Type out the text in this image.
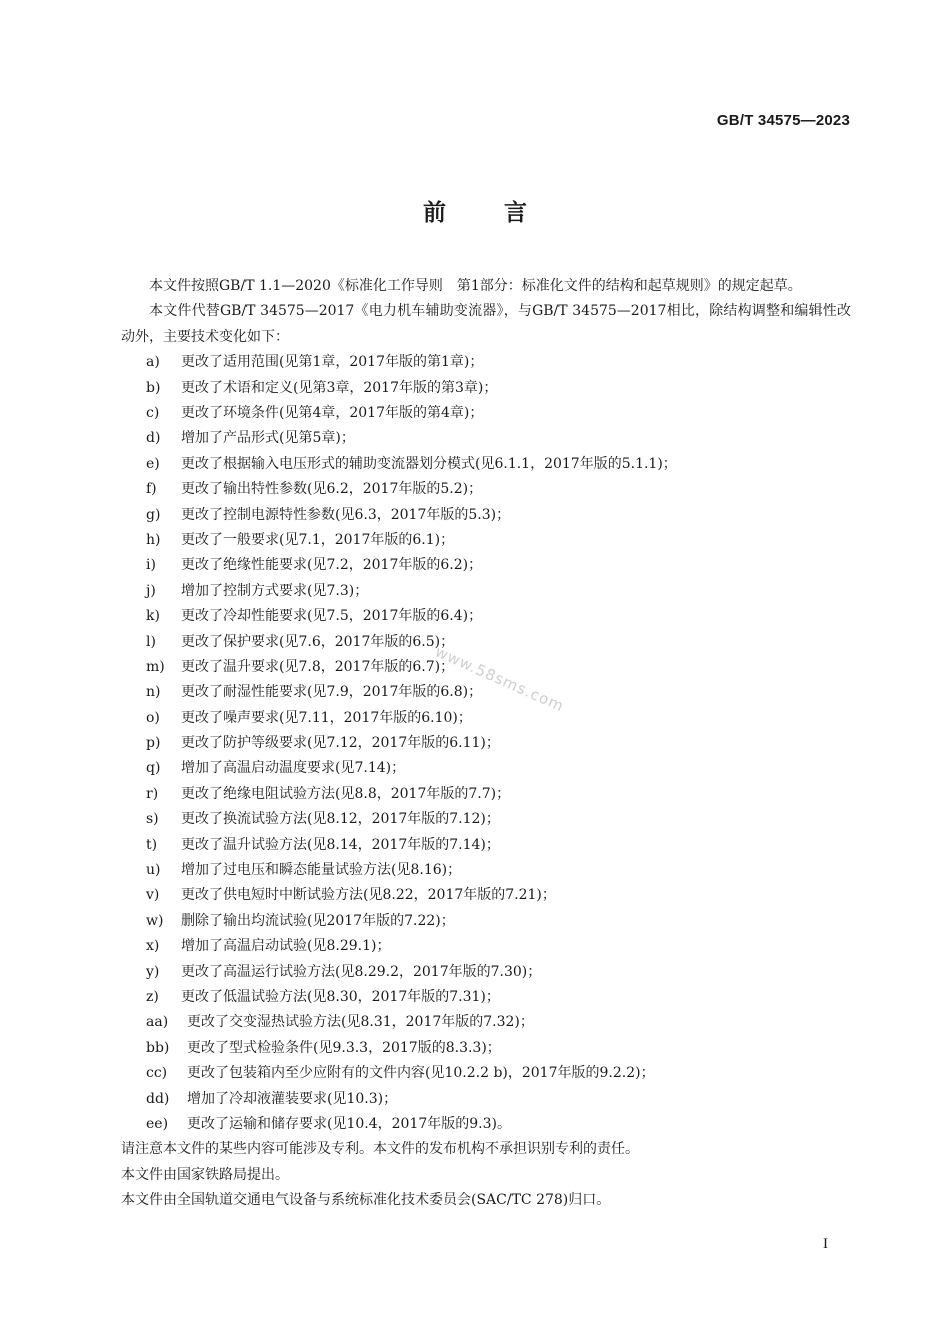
GB/T 34575—2023
前言

本文件按照GB/T 1.1—2020《标准化工作导则　第1部分：标准化文件的结构和起草规则》的规定起草。

本文件代替GB/T 34575—2017《电力机车辅助变流器》，与GB/T 34575—2017相比，除结构调整和编辑性改动外，主要技术变化如下：

a) 更改了适用范围(见第1章，2017年版的第1章)；
b) 更改了术语和定义(见第3章，2017年版的第3章)；
c) 更改了环境条件(见第4章，2017年版的第4章)；
d) 增加了产品形式(见第5章)；
e) 更改了根据输入电压形式的辅助变流器划分模式(见6.1.1，2017年版的5.1.1)；
f) 更改了输出特性参数(见6.2，2017年版的5.2)；
g) 更改了控制电源特性参数(见6.3，2017年版的5.3)；
h) 更改了一般要求(见7.1，2017年版的6.1)；
i) 更改了绝缘性能要求(见7.2，2017年版的6.2)；
j) 增加了控制方式要求(见7.3)；
k) 更改了冷却性能要求(见7.5，2017年版的6.4)；
l) 更改了保护要求(见7.6，2017年版的6.5)；
m) 更改了温升要求(见7.8，2017年版的6.7)；
n) 更改了耐湿性能要求(见7.9，2017年版的6.8)；
o) 更改了噪声要求(见7.11，2017年版的6.10)；
p) 更改了防护等级要求(见7.12，2017年版的6.11)；
q) 增加了高温启动温度要求(见7.14)；
r) 更改了绝缘电阻试验方法(见8.8，2017年版的7.7)；
s) 更改了换流试验方法(见8.12，2017年版的7.12)；
t) 更改了温升试验方法(见8.14，2017年版的7.14)；
u) 增加了过电压和瞬态能量试验方法(见8.16)；
v) 更改了供电短时中断试验方法(见8.22，2017年版的7.21)；
w) 删除了输出均流试验(见2017年版的7.22)；
x) 增加了高温启动试验(见8.29.1)；
y) 更改了高温运行试验方法(见8.29.2，2017年版的7.30)；
z) 更改了低温试验方法(见8.30，2017年版的7.31)；
aa) 更改了交变湿热试验方法(见8.31，2017年版的7.32)；
bb) 更改了型式检验条件(见9.3.3，2017版的8.3.3)；
cc) 更改了包装箱内至少应附有的文件内容(见10.2.2 b)，2017年版的9.2.2)；
dd) 增加了冷却液灌装要求(见10.3)；
ee) 更改了运输和储存要求(见10.4，2017年版的9.3)。

请注意本文件的某些内容可能涉及专利。本文件的发布机构不承担识别专利的责任。

本文件由国家铁路局提出。

本文件由全国轨道交通电气设备与系统标准化技术委员会(SAC/TC 278)归口。

www.58sms.com
I
